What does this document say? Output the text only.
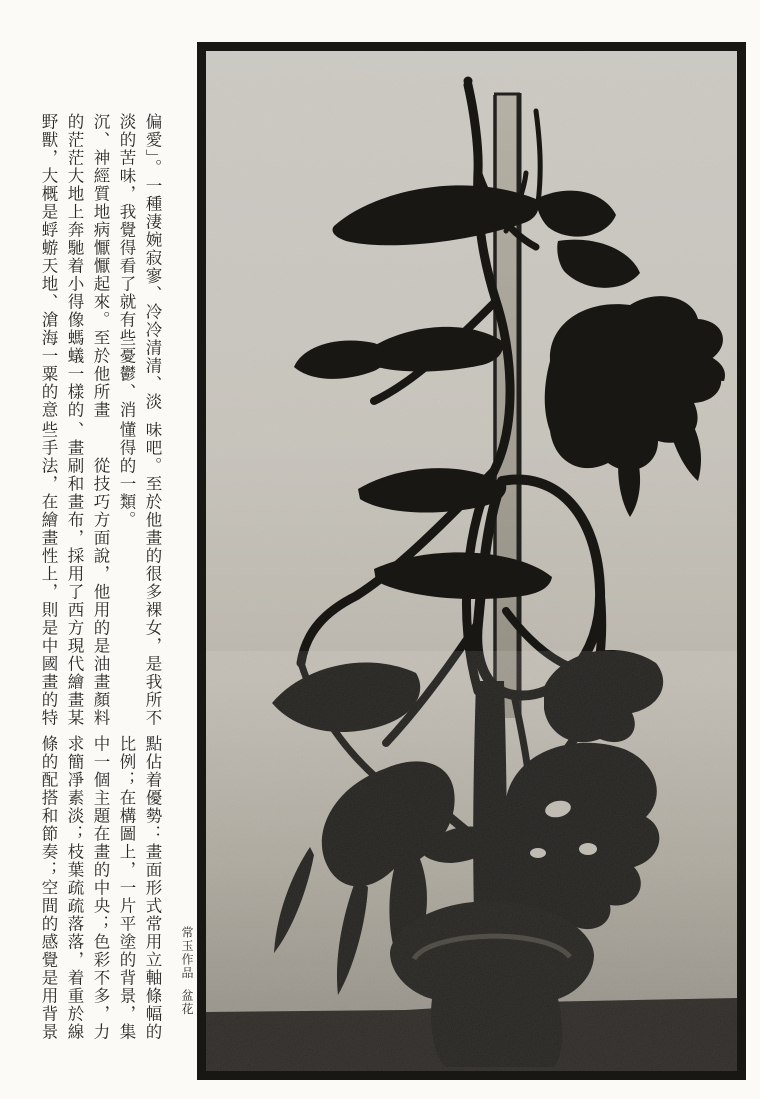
偏愛」。一種淒婉寂寥、冷冷清清、淡
淡的苦味，我覺得看了就有些憂鬱、消
沉、神經質地病懨懨起來。至於他所畫
的茫茫大地上奔馳着小得像螞蟻一樣的
野獸，大概是蜉蝣天地、滄海一粟的意
味吧。至於他畫的很多裸女，是我所不
懂得的一類。
　　從技巧方面說，他用的是油畫顏料
、畫刷和畫布，採用了西方現代繪畫某
些手法，在繪畫性上，則是中國畫的特
點佔着優勢：畫面形式常用立軸條幅的
比例；在構圖上，一片平塗的背景，集
中一個主題在畫的中央；色彩不多，力
求簡凈素淡；枝葉疏疏落落，着重於線
條的配搭和節奏；空間的感覺是用背景	常玉作品盆花
